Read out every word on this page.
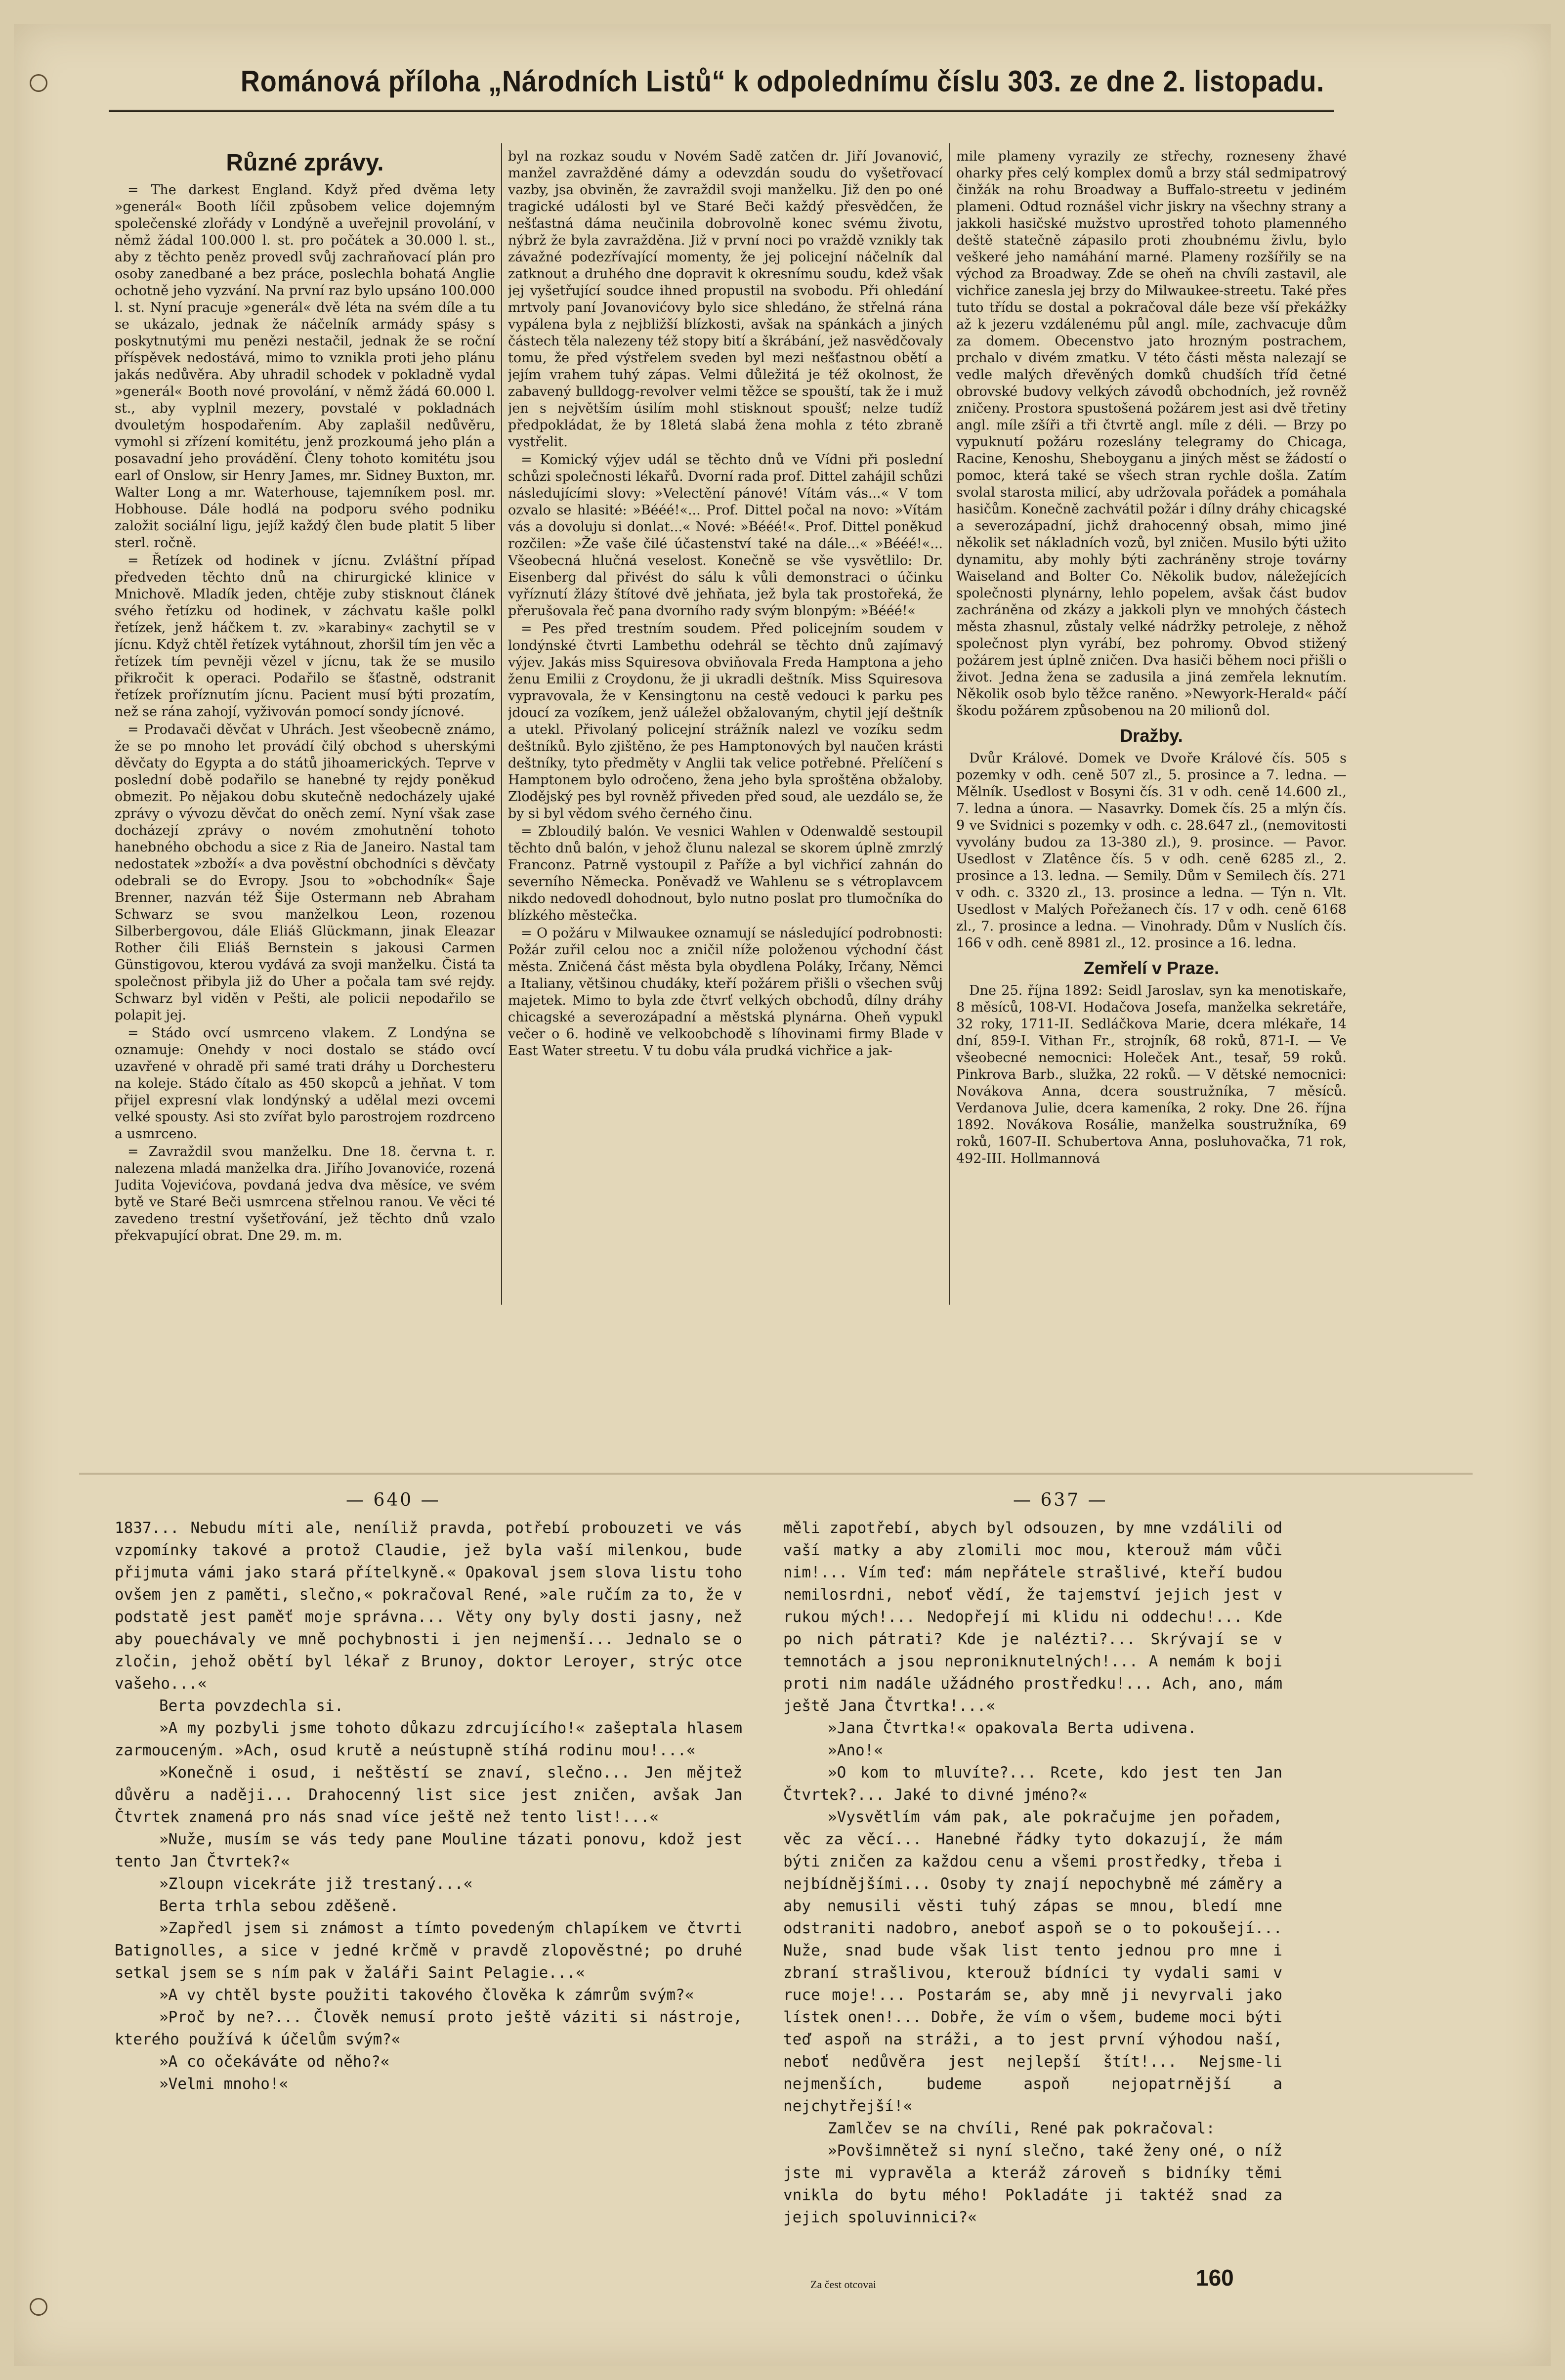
Románová příloha „Národních Listů“ k odpolednímu číslu 303. ze dne 2. listopadu.
Různé zprávy.

= The darkest England. Když před dvěma lety »generál« Booth líčil způsobem velice dojemným společenské zlořády v Londýně a uveřejnil provolání, v němž žádal 100.000 l. st. pro počátek a 30.000 l. st., aby z těchto peněz provedl svůj zachraňovací plán pro osoby zanedbané a bez práce, poslechla bohatá Anglie ochotně jeho vyzvání. Na první raz bylo upsáno 100.000 l. st. Nyní pracuje »generál« dvě léta na svém díle a tu se ukázalo, jednak že náčelník armády spásy s poskytnutými mu penězi nestačil, jednak že se roční příspěvek nedostává, mimo to vznikla proti jeho plánu jakás nedůvěra. Aby uhradil schodek v pokladně vydal »generál« Booth nové provolání, v němž žádá 60.000 l. st., aby vyplnil mezery, povstalé v pokladnách dvouletým hospodařením. Aby zaplašil nedůvěru, vymohl si zřízení komitétu, jenž prozkoumá jeho plán a posavadní jeho provádění. Členy tohoto komitétu jsou earl of Onslow, sir Henry James, mr. Sidney Buxton, mr. Walter Long a mr. Waterhouse, tajemníkem posl. mr. Hobhouse. Dále hodlá na podporu svého podniku založit sociální ligu, jejíž každý člen bude platit 5 liber sterl. ročně.

= Řetízek od hodinek v jícnu. Zvláštní případ předveden těchto dnů na chirurgické klinice v Mnichově. Mladík jeden, chtěje zuby stisknout článek svého řetízku od hodinek, v záchvatu kašle polkl řetízek, jenž háčkem t. zv. »karabiny« zachytil se v jícnu. Když chtěl řetízek vytáhnout, zhoršil tím jen věc a řetízek tím pevněji vězel v jícnu, tak že se musilo přikročit k operaci. Podařilo se šťastně, odstranit řetízek proříznutím jícnu. Pacient musí býti prozatím, než se rána zahojí, vyživován pomocí sondy jícnové.

= Prodavači děvčat v Uhrách. Jest všeobecně známo, že se po mnoho let provádí čilý obchod s uherskými děvčaty do Egypta a do států jihoamerických. Teprve v poslední době podařilo se hanebné ty rejdy poněkud obmezit. Po nějakou dobu skutečně nedocházely ujaké zprávy o vývozu děvčat do oněch zemí. Nyní však zase docházejí zprávy o novém zmohutnění tohoto hanebného obchodu a sice z Ria de Janeiro. Nastal tam nedostatek »zboží« a dva pověstní obchodníci s děvčaty odebrali se do Evropy. Jsou to »obchodník« Šaje Brenner, nazván též Šije Ostermann neb Abraham Schwarz se svou manželkou Leon, rozenou Silberbergovou, dále Eliáš Glückmann, jinak Eleazar Rother čili Eliáš Bernstein s jakousi Carmen Günstigovou, kterou vydává za svoji manželku. Čistá ta společnost přibyla již do Uher a počala tam své rejdy. Schwarz byl viděn v Pešti, ale policii nepodařilo se polapit jej.

= Stádo ovcí usmrceno vlakem. Z Londýna se oznamuje: Onehdy v noci dostalo se stádo ovcí uzavřené v ohradě při samé trati dráhy u Dorchesteru na koleje. Stádo čítalo as 450 skopců a jehňat. V tom přijel expresní vlak londýnský a udělal mezi ovcemi velké spousty. Asi sto zvířat bylo parostrojem rozdrceno a usmrceno.

= Zavraždil svou manželku. Dne 18. června t. r. nalezena mladá manželka dra. Jiřího Jovanoviće, rozená Judita Vojevićova, povdaná jedva dva měsíce, ve svém bytě ve Staré Beči usmrcena střelnou ranou. Ve věci té zavedeno trestní vyšetřování, jež těchto dnů vzalo překvapující obrat. Dne 29. m. m.

byl na rozkaz soudu v Novém Sadě zatčen dr. Jiří Jovanović, manžel zavražděné dámy a odevzdán soudu do vyšetřovací vazby, jsa obviněn, že zavraždil svoji manželku. Již den po oné tragické události byl ve Staré Beči každý přesvědčen, že nešťastná dáma neučinila dobrovolně konec svému životu, nýbrž že byla zavražděna. Již v první noci po vraždě vznikly tak závažné podezřívající momenty, že jej policejní náčelník dal zatknout a druhého dne dopravit k okresnímu soudu, kdež však jej vyšetřující soudce ihned propustil na svobodu. Při ohledání mrtvoly paní Jovanovićovy bylo sice shledáno, že střelná rána vypálena byla z nejbližší blízkosti, avšak na spánkách a jiných částech těla nalezeny též stopy bití a škrábání, jež nasvědčovaly tomu, že před výstřelem sveden byl mezi nešťastnou obětí a jejím vrahem tuhý zápas. Velmi důležitá je též okolnost, že zabavený bulldogg-revolver velmi těžce se spouští, tak že i muž jen s největším úsilím mohl stisknout spoušť; nelze tudíž předpokládat, že by 18letá slabá žena mohla z této zbraně vystřelit.

= Komický výjev udál se těchto dnů ve Vídni při poslední schůzi společnosti lékařů. Dvorní rada prof. Dittel zahájil schůzi následujícími slovy: »Velectění pánové! Vítám vás...« V tom ozvalo se hlasité: »Bééé!«... Prof. Dittel počal na novo: »Vítám vás a dovoluju si donlat...« Nové: »Bééé!«. Prof. Dittel poněkud rozčilen: »Že vaše čilé účastenství také na dále...« »Bééé!«... Všeobecná hlučná veselost. Konečně se vše vysvětlilo: Dr. Eisenberg dal přivést do sálu k vůli demonstraci o účinku vyříznutí žlázy štítové dvě jehňata, jež byla tak prostořeká, že přerušovala řeč pana dvorního rady svým blonpým: »Bééé!«

= Pes před trestním soudem. Před policejním soudem v londýnské čtvrti Lambethu odehrál se těchto dnů zajímavý výjev. Jakás miss Squiresova obviňovala Freda Hamptona a jeho ženu Emilii z Croydonu, že ji ukradli deštník. Miss Squiresova vypravovala, že v Kensingtonu na cestě vedouci k parku pes jdoucí za vozíkem, jenž uáležel obžalovaným, chytil její deštník a utekl. Přivolaný policejní strážník nalezl ve vozíku sedm deštníků. Bylo zjištěno, že pes Hamptonových byl naučen krásti deštníky, tyto předměty v Anglii tak velice potřebné. Přelíčení s Hamptonem bylo odročeno, žena jeho byla sproštěna obžaloby. Zlodějský pes byl rovněž přiveden před soud, ale uezdálo se, že by si byl vědom svého černého činu.

= Zbloudilý balón. Ve vesnici Wahlen v Odenwaldě sestoupil těchto dnů balón, v jehož člunu nalezal se skorem úplně zmrzlý Franconz. Patrně vystoupil z Paříže a byl vichřicí zahnán do severního Německa. Poněvadž ve Wahlenu se s vétroplavcem nikdo nedovedl dohodnout, bylo nutno poslat pro tlumočníka do blízkého městečka.

= O požáru v Milwaukee oznamují se následující podrobnosti: Požár zuřil celou noc a zničil níže položenou východní část města. Zničená část města byla obydlena Poláky, Irčany, Němci a Italiany, většinou chudáky, kteří požárem přišli o všechen svůj majetek. Mimo to byla zde čtvrť velkých obchodů, dílny dráhy chicagské a severozápadní a městská plynárna. Oheň vypukl večer o 6. hodině ve velkoobchodě s líhovinami firmy Blade v East Water streetu. V tu dobu vála prudká vichřice a jak-

mile plameny vyrazily ze střechy, rozneseny žhavé oharky přes celý komplex domů a brzy stál sedmipatrový činžák na rohu Broadway a Buffalo-streetu v jediném plameni. Odtud roznášel vichr jiskry na všechny strany a jakkoli hasičské mužstvo uprostřed tohoto plamenného deště statečně zápasilo proti zhoubnému živlu, bylo veškeré jeho namáhání marné. Plameny rozšířily se na východ za Broadway. Zde se oheň na chvíli zastavil, ale vichřice zanesla jej brzy do Milwaukee-streetu. Také přes tuto třídu se dostal a pokračoval dále beze vší překážky až k jezeru vzdálenému půl angl. míle, zachvacuje dům za domem. Obecenstvo jato hrozným postrachem, prchalo v divém zmatku. V této části města nalezají se vedle malých dřevěných domků chudších tříd četné obrovské budovy velkých závodů obchodních, jež rovněž zničeny. Prostora spustošená požárem jest asi dvě třetiny angl. míle zšíři a tři čtvrtě angl. míle z déli. — Brzy po vypuknutí požáru rozeslány telegramy do Chicaga, Racine, Kenoshu, Sheboyganu a jiných měst se žádostí o pomoc, která také se všech stran rychle došla. Zatím svolal starosta milicí, aby udržovala pořádek a pomáhala hasičům. Konečně zachvátil požár i dílny dráhy chicagské a severozápadní, jichž drahocenný obsah, mimo jiné několik set nákladních vozů, byl zničen. Musilo býti užito dynamitu, aby mohly býti zachráněny stroje továrny Waiseland and Bolter Co. Několik budov, náležejících společnosti plynárny, lehlo popelem, avšak část budov zachráněna od zkázy a jakkoli plyn ve mnohých částech města zhasnul, zůstaly velké nádržky petroleje, z něhož společnost plyn vyrábí, bez pohromy. Obvod stižený požárem jest úplně zničen. Dva hasiči během noci přišli o život. Jedna žena se zadusila a jiná zemřela leknutím. Několik osob bylo těžce raněno. »Newyork-Herald« páčí škodu požárem způsobenou na 20 milionů dol.

Dražby.

Dvůr Králové. Domek ve Dvoře Králové čís. 505 s pozemky v odh. ceně 507 zl., 5. prosince a 7. ledna. — Mělník. Usedlost v Bosyni čís. 31 v odh. ceně 14.600 zl., 7. ledna a února. — Nasavrky. Domek čís. 25 a mlýn čís. 9 ve Svidnici s pozemky v odh. c. 28.647 zl., (nemovitosti vyvolány budou za 13-380 zl.), 9. prosince. — Pavor. Usedlost v Zlatênce čís. 5 v odh. ceně 6285 zl., 2. prosince a 13. ledna. — Semily. Dům v Semilech čís. 271 v odh. c. 3320 zl., 13. prosince a ledna. — Týn n. Vlt. Usedlost v Malých Pořežanech čís. 17 v odh. ceně 6168 zl., 7. prosince a ledna. — Vinohrady. Dům v Nuslích čís. 166 v odh. ceně 8981 zl., 12. prosince a 16. ledna.

Zemřelí v Praze.

Dne 25. října 1892: Seidl Jaroslav, syn ka menotiskaře, 8 měsíců, 108-VI. Hodačova Josefa, manželka sekretáře, 32 roky, 1711-II. Sedláčkova Marie, dcera mlékaře, 14 dní, 859-I. Vithan Fr., strojník, 68 roků, 871-I. — Ve všeobecné nemocnici: Holeček Ant., tesař, 59 roků. Pinkrova Barb., služka, 22 roků. — V dětské nemocnici: Novákova Anna, dcera soustružníka, 7 měsíců. Verdanova Julie, dcera kameníka, 2 roky. Dne 26. října 1892. Novákova Rosálie, manželka soustružníka, 69 roků, 1607-II. Schubertova Anna, posluhovačka, 71 rok, 492-III. Hollmannová

— 640 —	— 637 —

1837... Nebudu míti ale, neníliž pravda, potřebí probouzeti ve vás vzpomínky takové a protož Claudie, jež byla vaší milenkou, bude přijmuta vámi jako stará přítelkyně.« Opakoval jsem slova listu toho ovšem jen z paměti, slečno,« pokračoval René, »ale ručím za to, že v podstatě jest paměť moje správna... Věty ony byly dosti jasny, než aby pouechávaly ve mně pochybnosti i jen nejmenší... Jednalo se o zločin, jehož obětí byl lékař z Brunoy, doktor Leroyer, strýc otce vašeho...«

Berta povzdechla si.

»A my pozbyli jsme tohoto důkazu zdrcujícího!« zašeptala hlasem zarmouceným. »Ach, osud krutě a neústupně stíhá rodinu mou!...«

»Konečně i osud, i neštěstí se znaví, slečno... Jen mějtež důvěru a naději... Drahocenný list sice jest zničen, avšak Jan Čtvrtek znamená pro nás snad více ještě než tento list!...«

»Nuže, musím se vás tedy pane Mouline tázati ponovu, kdož jest tento Jan Čtvrtek?«

»Zloupn vicekráte již trestaný...«

Berta trhla sebou zděšeně.

»Zapředl jsem si známost a tímto povedeným chlapíkem ve čtvrti Batignolles, a sice v jedné krčmě v pravdě zlopověstné; po druhé setkal jsem se s ním pak v žaláři Saint Pelagie...«

»A vy chtěl byste použiti takového člověka k zámrům svým?«

»Proč by ne?... Člověk nemusí proto ještě váziti si nástroje, kterého používá k účelům svým?«

»A co očekáváte od něho?«

»Velmi mnoho!«

měli zapotřebí, abych byl odsouzen, by mne vzdálili od vaší matky a aby zlomili moc mou, kterouž mám vůči nim!... Vím teď: mám nepřátele strašlivé, kteří budou nemilosrdni, neboť vědí, že tajemství jejich jest v rukou mých!... Nedopřejí mi klidu ni oddechu!... Kde po nich pátrati? Kde je nalézti?... Skrývají se v temnotách a jsou neproniknutelných!... A nemám k boji proti nim nadále užádného prostředku!... Ach, ano, mám ještě Jana Čtvrtka!...«

»Jana Čtvrtka!« opakovala Berta udivena.

»Ano!«

»O kom to mluvíte?... Rcete, kdo jest ten Jan Čtvrtek?... Jaké to divné jméno?«

»Vysvětlím vám pak, ale pokračujme jen pořadem, věc za věcí... Hanebné řádky tyto dokazují, že mám býti zničen za každou cenu a všemi prostředky, třeba i nejbídnějšími... Osoby ty znají nepochybně mé záměry a aby nemusili věsti tuhý zápas se mnou, bledí mne odstraniti nadobro, aneboť aspoň se o to pokoušejí... Nuže, snad bude však list tento jednou pro mne i zbraní strašlivou, kterouž bídníci ty vydali sami v ruce moje!... Postarám se, aby mně ji nevyrvali jako lístek onen!... Dobře, že vím o všem, budeme moci býti teď aspoň na stráži, a to jest první výhodou naší, neboť nedůvěra jest nejlepší štít!... Nejsme-li nejmenších, budeme aspoň nejopatrnější a nejchytřejší!«

Zamlčev se na chvíli, René pak pokračoval:

»Povšimnětež si nyní slečno, také ženy oné, o níž jste mi vypravěla a kteráž zároveň s bidníky těmi vnikla do bytu mého! Pokladáte ji taktéž snad za jejich spoluvinnici?«

Za čest otcovai	160
